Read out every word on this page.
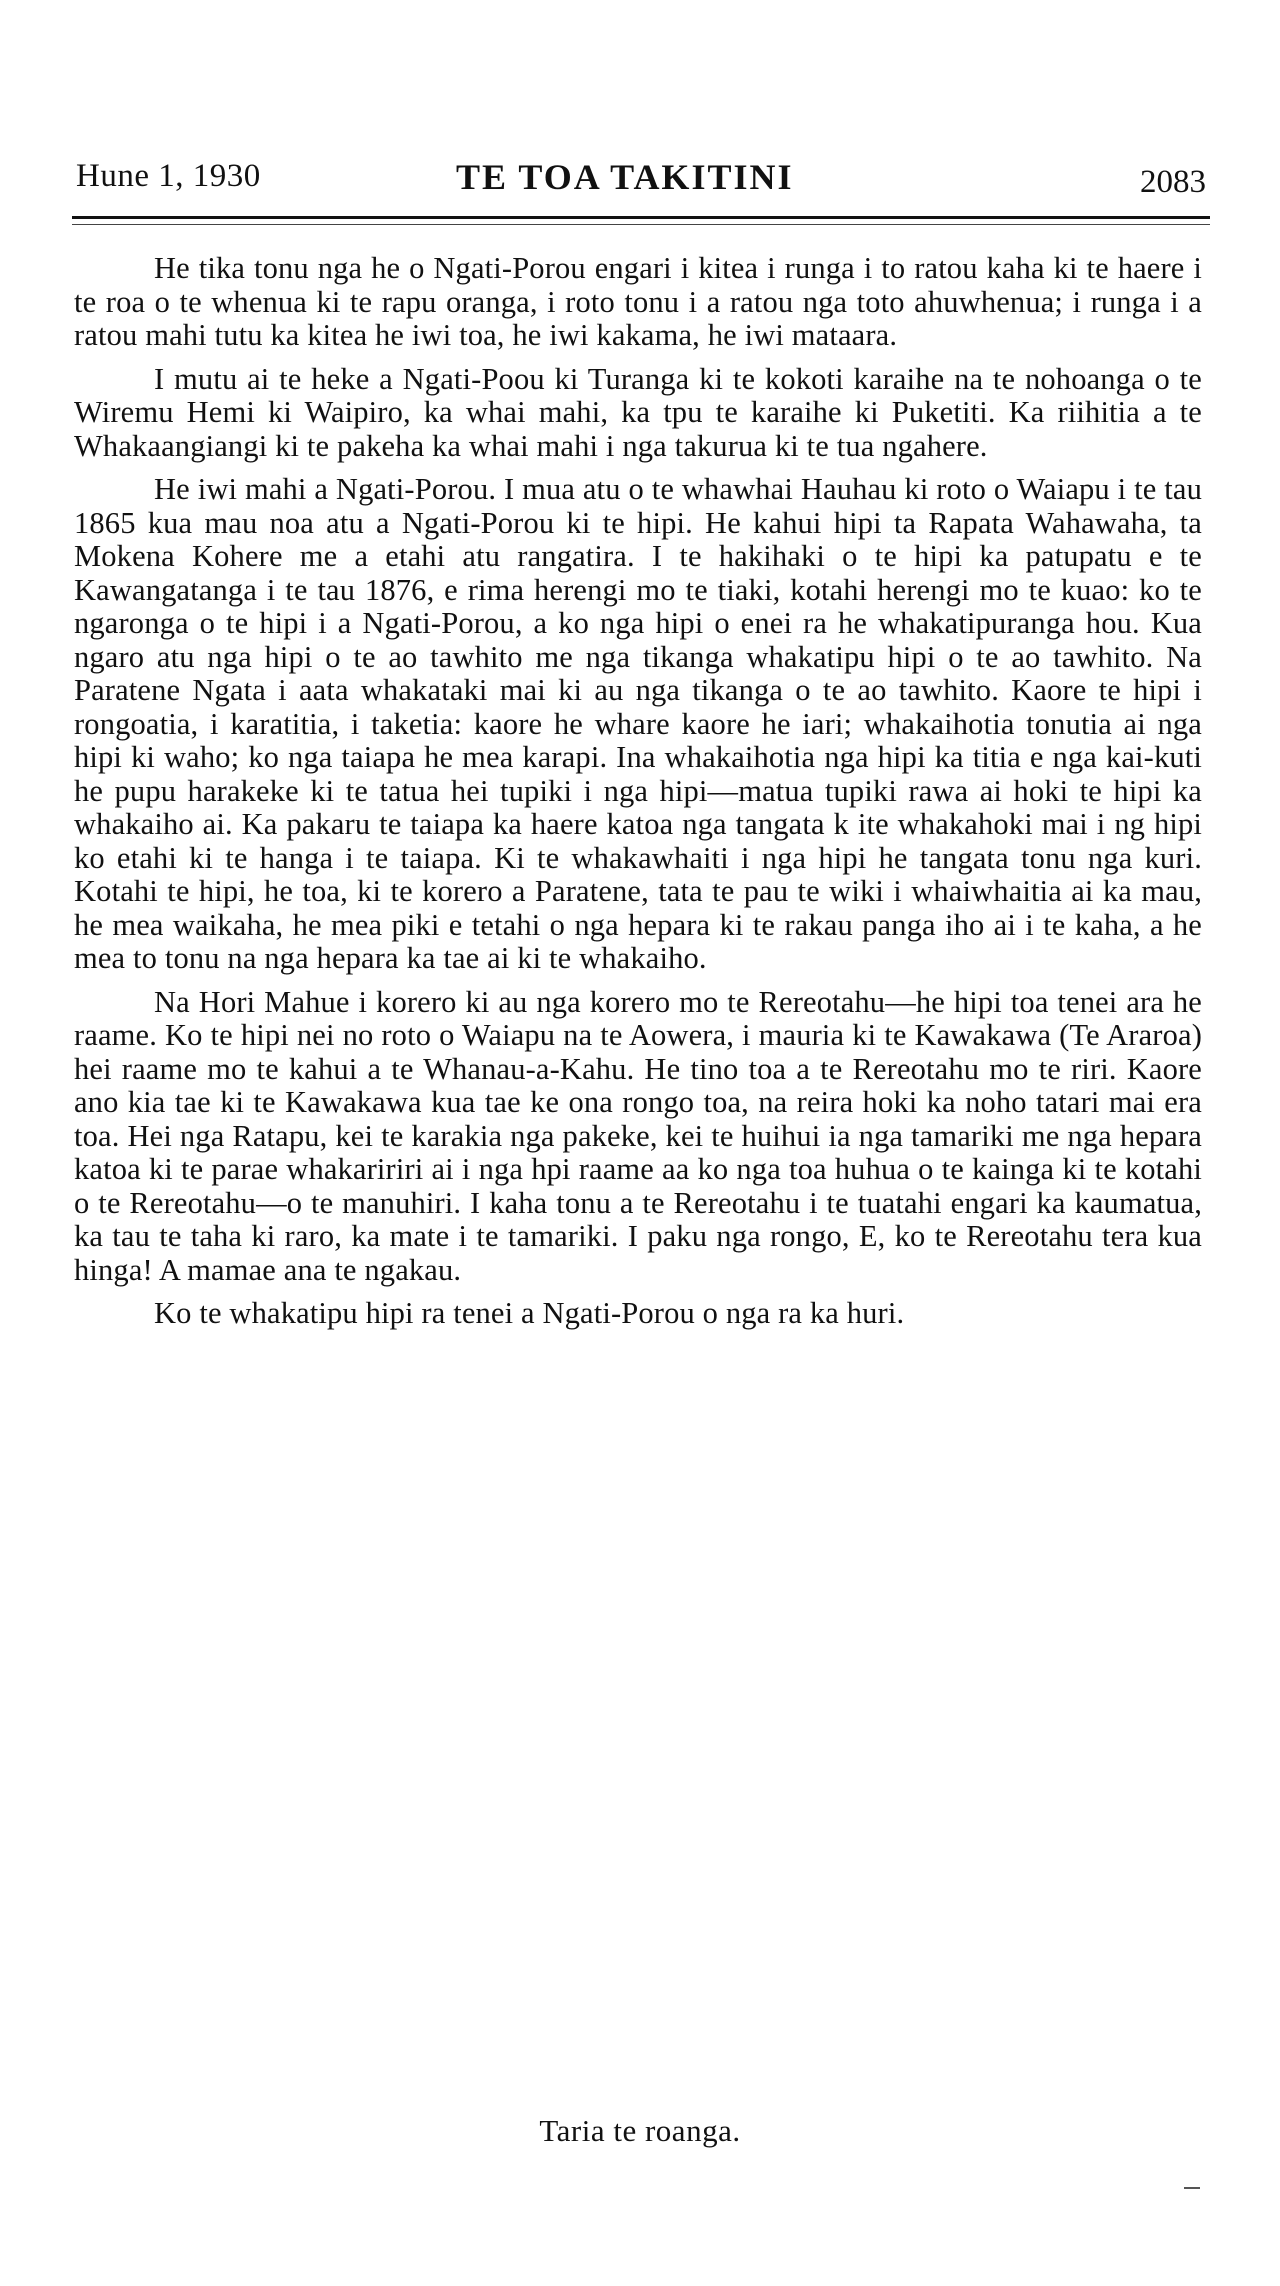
Hune 1, 1930	TE TOA TAKITINI	2083

He tika tonu nga he o Ngati-Porou engari i kitea i runga i to ratou kaha ki te haere i te roa o te whenua ki te rapu oranga, i roto tonu i a ratou nga toto ahuwhenua; i runga i a ratou mahi tutu ka kitea he iwi toa, he iwi kakama, he iwi mataara.

I mutu ai te heke a Ngati-Poou ki Turanga ki te kokoti karaihe na te nohoanga o te Wiremu Hemi ki Waipiro, ka whai mahi, ka tpu te karaihe ki Puketiti. Ka riihitia a te Whakaangiangi ki te pakeha ka whai mahi i nga takurua ki te tua ngahere.

He iwi mahi a Ngati-Porou. I mua atu o te whawhai Hauhau ki roto o Waiapu i te tau 1865 kua mau noa atu a Ngati-Porou ki te hipi. He kahui hipi ta Rapata Wahawaha, ta Mokena Kohere me a etahi atu rangatira. I te hakihaki o te hipi ka patupatu e te Kawangatanga i te tau 1876, e rima herengi mo te tiaki, kotahi herengi mo te kuao: ko te ngaronga o te hipi i a Ngati-Porou, a ko nga hipi o enei ra he whakatipuranga hou. Kua ngaro atu nga hipi o te ao tawhito me nga tikanga whakatipu hipi o te ao tawhito. Na Paratene Ngata i aata whakataki mai ki au nga tikanga o te ao tawhito. Kaore te hipi i rongoatia, i karatitia, i taketia: kaore he whare kaore he iari; whakaihotia tonutia ai nga hipi ki waho; ko nga taiapa he mea karapi. Ina whakaihotia nga hipi ka titia e nga kai-kuti he pupu harakeke ki te tatua hei tupiki i nga hipi—matua tupiki rawa ai hoki te hipi ka whakaiho ai. Ka pakaru te taiapa ka haere katoa nga tangata k ite whakahoki mai i ng hipi ko etahi ki te hanga i te taiapa. Ki te whakawhaiti i nga hipi he tangata tonu nga kuri. Kotahi te hipi, he toa, ki te korero a Paratene, tata te pau te wiki i whaiwhaitia ai ka mau, he mea waikaha, he mea piki e tetahi o nga hepara ki te rakau panga iho ai i te kaha, a he mea to tonu na nga hepara ka tae ai ki te whakaiho.

Na Hori Mahue i korero ki au nga korero mo te Rereotahu—he hipi toa tenei ara he raame. Ko te hipi nei no roto o Waiapu na te Aowera, i mauria ki te Kawakawa (Te Araroa) hei raame mo te kahui a te Whanau-a-Kahu. He tino toa a te Rereotahu mo te riri. Kaore ano kia tae ki te Kawakawa kua tae ke ona rongo toa, na reira hoki ka noho tatari mai era toa. Hei nga Ratapu, kei te karakia nga pakeke, kei te huihui ia nga tamariki me nga hepara katoa ki te parae whakaririri ai i nga hpi raame aa ko nga toa huhua o te kainga ki te kotahi o te Rereotahu—o te manuhiri. I kaha tonu a te Rereotahu i te tuatahi engari ka kaumatua, ka tau te taha ki raro, ka mate i te tamariki. I paku nga rongo, E, ko te Rereotahu tera kua hinga! A mamae ana te ngakau.

Ko te whakatipu hipi ra tenei a Ngati-Porou o nga ra ka huri.

Taria te roanga.
